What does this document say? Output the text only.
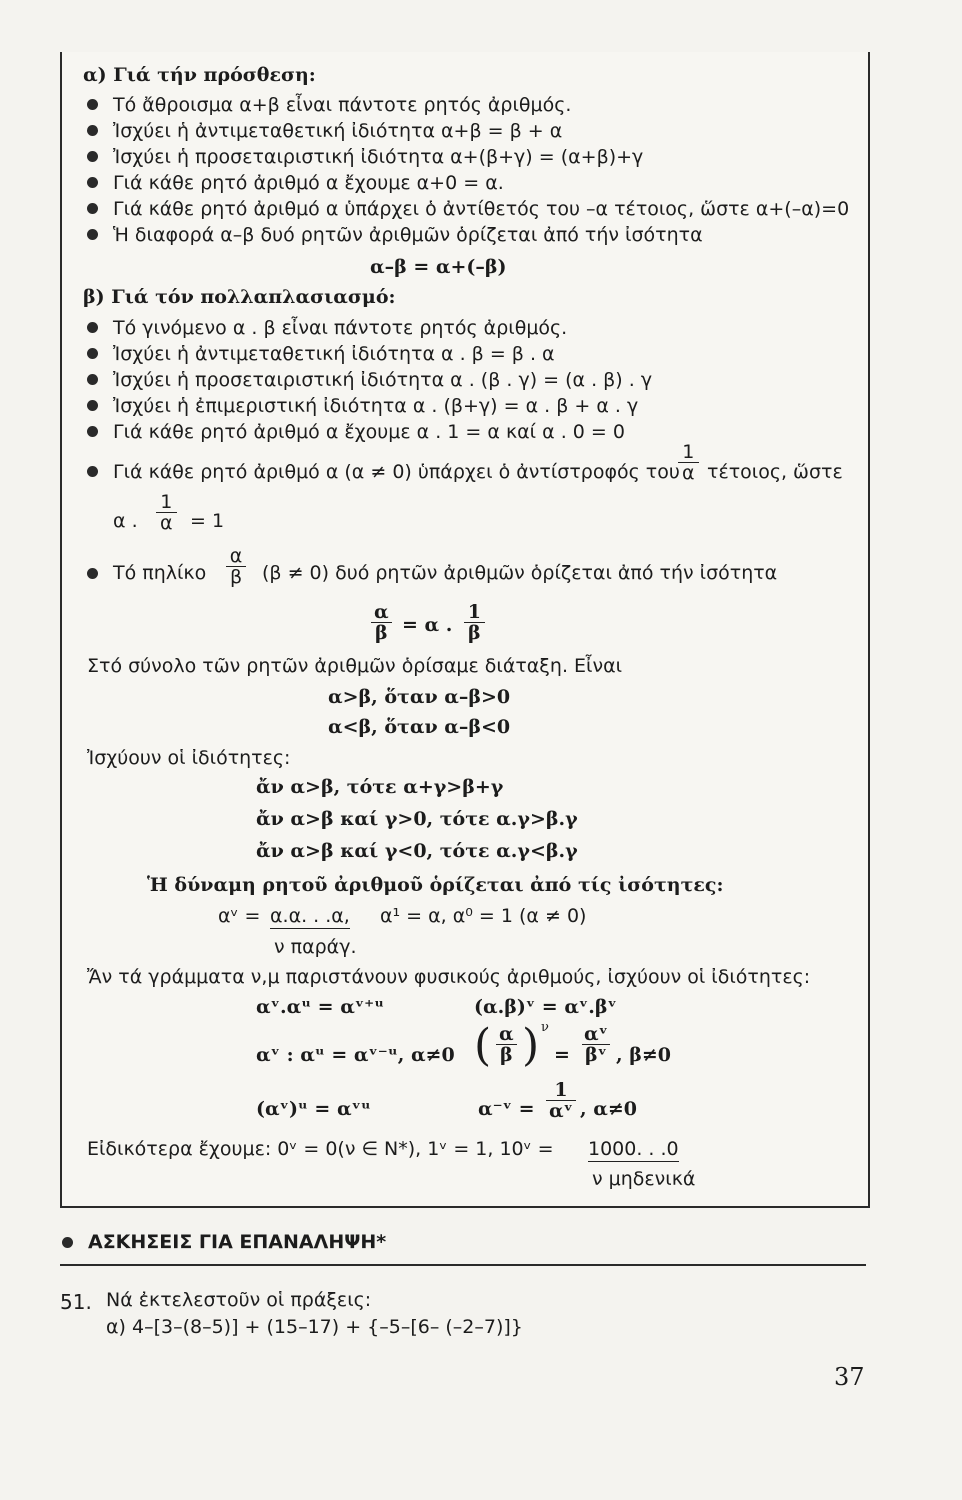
α) Γιά τήν πρόσθεση:
Τό ἄθροισμα α+β εἶναι πάντοτε ρητός ἀριθμός.
Ἰσχύει ἡ ἀντιμεταθετική ἰδιότητα α+β = β + α
Ἰσχύει ἡ προσεταιριστική ἰδιότητα α+(β+γ) = (α+β)+γ
Γιά κάθε ρητό ἀριθμό α ἔχουμε α+0 = α.
Γιά κάθε ρητό ἀριθμό α ὑπάρχει ὁ ἀντίθετός του –α τέτοιος, ὥστε α+(–α)=0
Ἡ διαφορά α–β δυό ρητῶν ἀριθμῶν ὁρίζεται ἀπό τήν ἰσότητα
α–β = α+(–β)
β) Γιά τόν πολλαπλασιασμό:
Τό γινόμενο α . β εἶναι πάντοτε ρητός ἀριθμός.
Ἰσχύει ἡ ἀντιμεταθετική ἰδιότητα α . β = β . α
Ἰσχύει ἡ προσεταιριστική ἰδιότητα α . (β . γ) = (α . β) . γ
Ἰσχύει ἡ ἐπιμεριστική ἰδιότητα α . (β+γ) = α . β + α . γ
Γιά κάθε ρητό ἀριθμό α ἔχουμε α . 1 = α καί α . 0 = 0
Γιά κάθε ρητό ἀριθμό α (α ≠ 0) ὑπάρχει ὁ ἀντίστροφός του
$\frac{1}{\alpha} \tau έ\tau o\iota o\varsigma$, ὥστε
α . $\frac{1}{\alpha} = 1$
Τό πηλίκο $\frac{\alpha}{\beta} (\beta \ne 0)$ δυό ρητῶν ἀριθμῶν ὁρίζεται ἀπό τήν ἰσότητα
$\frac{\alpha}{\beta} = \alpha$ . $\frac{1}{\beta}$
Στό σύνολο τῶν ρητῶν ἀριθμῶν ὁρίσαμε διάταξη. Εἶναι
α>β, ὅταν α–β>0
α<β, ὅταν α–β<0
Ἰσχύουν οἱ ἰδιότητες:
ἄν α>β, τότε α+γ>β+γ
ἄν α>β καί γ>0, τότε α.γ>β.γ
ἄν α>β καί γ<0, τότε α.γ<β.γ
Ἡ δύναμη ρητοῦ ἀριθμοῦ ὁρίζεται ἀπό τίς ἰσότητες:
αᵛ = α.α. . .α, α¹ = α, α⁰ = 1 (α ≠ 0)
ν παράγ.
Ἄν τά γράμματα ν,μ παριστάνουν φυσικούς ἀριθμούς, ἰσχύουν οἱ ἰδιότητες:
αᵛ.αᵘ = αᵛ⁺ᵘ	(α.β)ᵛ = αᵛ.βᵛ
αᵛ : αᵘ = αᵛ⁻ᵘ, α≠0 ( $\frac{\alpha}{\beta}$ ) ν
= $\frac{\text{αᵛ}}{\text{βᵛ}}$ , β≠0
(αᵛ)ᵘ = αᵛᵘ	α⁻ᵛ = $\frac{1}{\text{αᵛ}}$ , α≠0
Εἰδικότερα ἔχουμε: 0ᵛ = 0(ν ∈ N*), 1ᵛ = 1, 10ᵛ = 1000. . .0
ν μηδενικά
ΑΣΚΗΣΕΙΣ ΓΙΑ ΕΠΑΝΑΛΗΨΗ*
51. Νά ἐκτελεστοῦν οἱ πράξεις:
α) 4–[3–(8–5)] + (15–17) + {–5–[6– (–2–7)]}
37
